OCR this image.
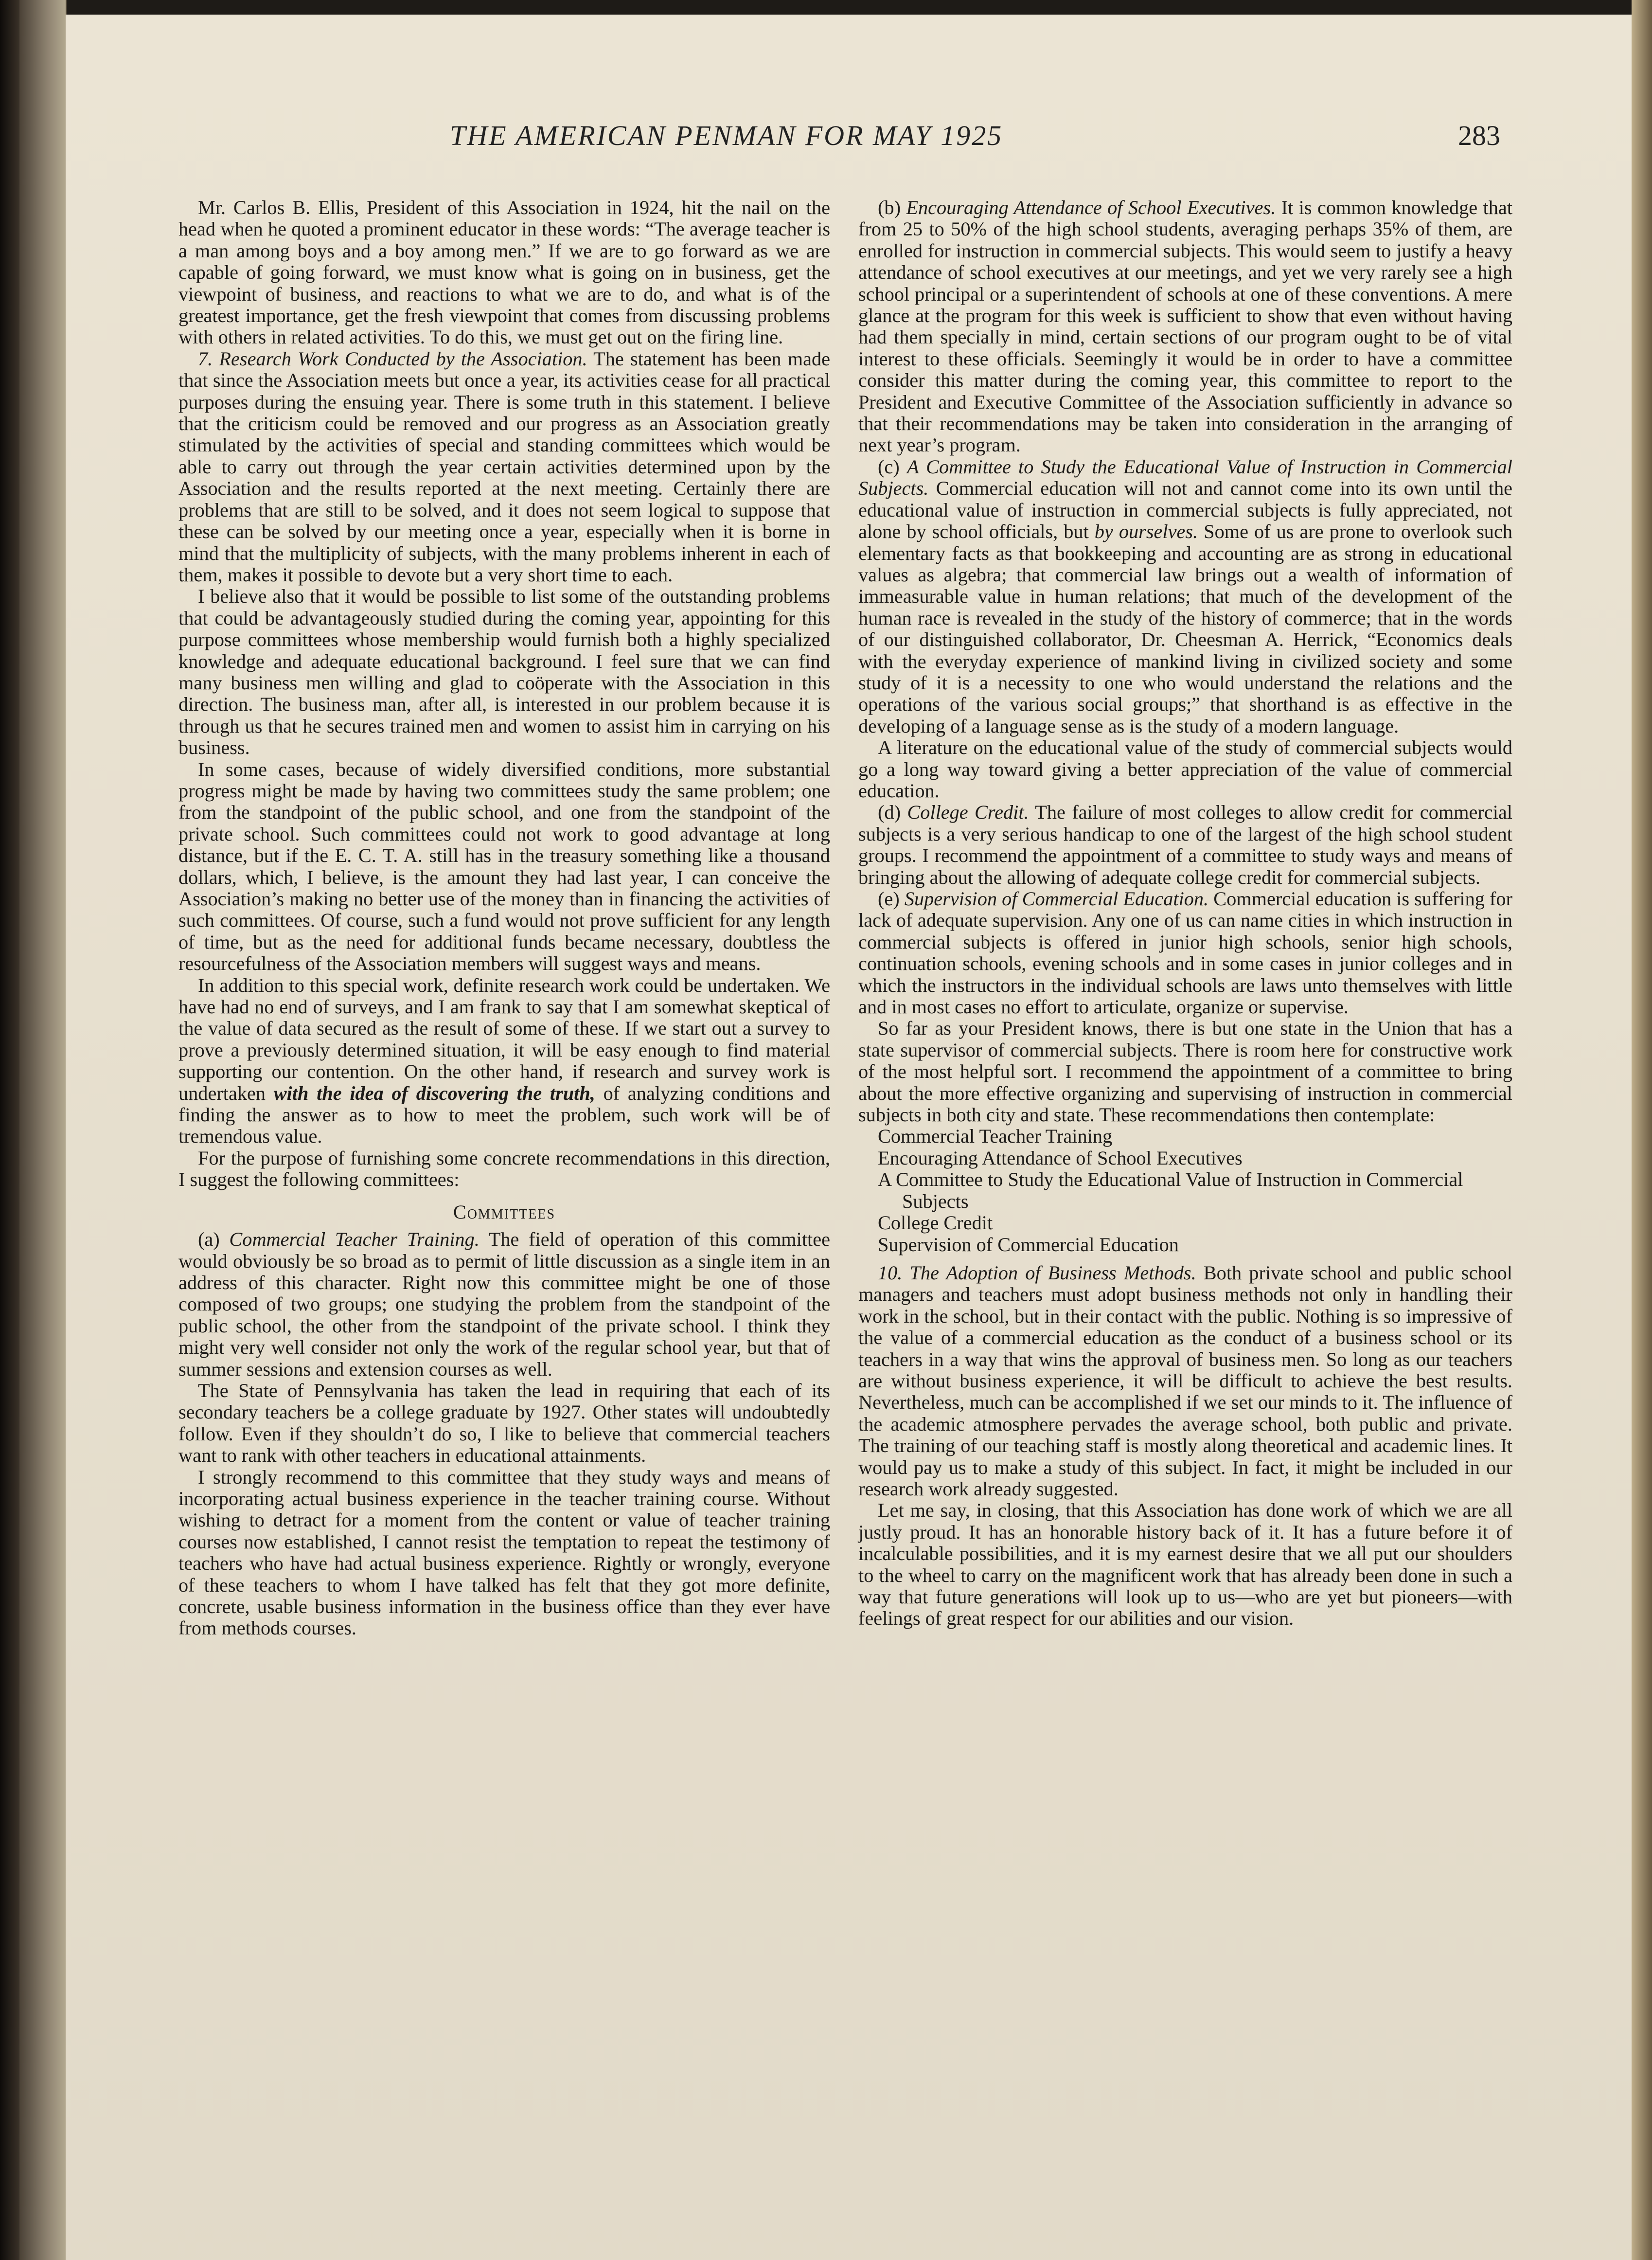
THE AMERICAN PENMAN FOR MAY 1925	283

Mr. Carlos B. Ellis, President of this Association in 1924, hit the nail on the head when he quoted a prominent educator in these words: “The average teacher is a man among boys and a boy among men.” If we are to go forward as we are capable of going forward, we must know what is going on in business, get the viewpoint of business, and reactions to what we are to do, and what is of the greatest importance, get the fresh viewpoint that comes from discussing problems with others in related activities. To do this, we must get out on the firing line.

7. Research Work Conducted by the Association. The statement has been made that since the Association meets but once a year, its activities cease for all practical purposes during the ensuing year. There is some truth in this statement. I believe that the criticism could be removed and our progress as an Association greatly stimulated by the activities of special and standing committees which would be able to carry out through the year certain activities determined upon by the Association and the results reported at the next meeting. Certainly there are problems that are still to be solved, and it does not seem logical to suppose that these can be solved by our meeting once a year, especially when it is borne in mind that the multiplicity of subjects, with the many problems inherent in each of them, makes it possible to devote but a very short time to each.

I believe also that it would be possible to list some of the outstanding problems that could be advantageously studied during the coming year, appointing for this purpose committees whose membership would furnish both a highly specialized knowledge and adequate educational background. I feel sure that we can find many business men willing and glad to coöperate with the Association in this direction. The business man, after all, is interested in our problem because it is through us that he secures trained men and women to assist him in carrying on his business.

In some cases, because of widely diversified conditions, more substantial progress might be made by having two committees study the same problem; one from the standpoint of the public school, and one from the standpoint of the private school. Such committees could not work to good advantage at long distance, but if the E. C. T. A. still has in the treasury something like a thousand dollars, which, I believe, is the amount they had last year, I can conceive the Association’s making no better use of the money than in financing the activities of such committees. Of course, such a fund would not prove sufficient for any length of time, but as the need for additional funds became necessary, doubtless the resourcefulness of the Association members will suggest ways and means.

In addition to this special work, definite research work could be undertaken. We have had no end of surveys, and I am frank to say that I am somewhat skeptical of the value of data secured as the result of some of these. If we start out a survey to prove a previously determined situation, it will be easy enough to find material supporting our contention. On the other hand, if research and survey work is undertaken with the idea of discovering the truth, of analyzing conditions and finding the answer as to how to meet the problem, such work will be of tremendous value.

For the purpose of furnishing some concrete recommendations in this direction, I suggest the following committees:

Committees

(a) Commercial Teacher Training. The field of operation of this committee would obviously be so broad as to permit of little discussion as a single item in an address of this character. Right now this committee might be one of those composed of two groups; one studying the problem from the standpoint of the public school, the other from the standpoint of the private school. I think they might very well consider not only the work of the regular school year, but that of summer sessions and extension courses as well.

The State of Pennsylvania has taken the lead in requiring that each of its secondary teachers be a college graduate by 1927. Other states will undoubtedly follow. Even if they shouldn’t do so, I like to believe that commercial teachers want to rank with other teachers in educational attainments.

I strongly recommend to this committee that they study ways and means of incorporating actual business experience in the teacher training course. Without wishing to detract for a moment from the content or value of teacher training courses now established, I cannot resist the temptation to repeat the testimony of teachers who have had actual business experience. Rightly or wrongly, everyone of these teachers to whom I have talked has felt that they got more definite, concrete, usable business information in the business office than they ever have from methods courses.

(b) Encouraging Attendance of School Executives. It is common knowledge that from 25 to 50% of the high school students, averaging perhaps 35% of them, are enrolled for instruction in commercial subjects. This would seem to justify a heavy attendance of school executives at our meetings, and yet we very rarely see a high school principal or a superintendent of schools at one of these conventions. A mere glance at the program for this week is sufficient to show that even without having had them specially in mind, certain sections of our program ought to be of vital interest to these officials. Seemingly it would be in order to have a committee consider this matter during the coming year, this committee to report to the President and Executive Committee of the Association sufficiently in advance so that their recommendations may be taken into consideration in the arranging of next year’s program.

(c) A Committee to Study the Educational Value of Instruction in Commercial Subjects. Commercial education will not and cannot come into its own until the educational value of instruction in commercial subjects is fully appreciated, not alone by school officials, but by ourselves. Some of us are prone to overlook such elementary facts as that bookkeeping and accounting are as strong in educational values as algebra; that commercial law brings out a wealth of information of immeasurable value in human relations; that much of the development of the human race is revealed in the study of the history of commerce; that in the words of our distinguished collaborator, Dr. Cheesman A. Herrick, “Economics deals with the everyday experience of mankind living in civilized society and some study of it is a necessity to one who would understand the relations and the operations of the various social groups;” that shorthand is as effective in the developing of a language sense as is the study of a modern language.

A literature on the educational value of the study of commercial subjects would go a long way toward giving a better appreciation of the value of commercial education.

(d) College Credit. The failure of most colleges to allow credit for commercial subjects is a very serious handicap to one of the largest of the high school student groups. I recommend the appointment of a committee to study ways and means of bringing about the allowing of adequate college credit for commercial subjects.

(e) Supervision of Commercial Education. Commercial education is suffering for lack of adequate supervision. Any one of us can name cities in which instruction in commercial subjects is offered in junior high schools, senior high schools, continuation schools, evening schools and in some cases in junior colleges and in which the instructors in the individual schools are laws unto themselves with little and in most cases no effort to articulate, organize or supervise.

So far as your President knows, there is but one state in the Union that has a state supervisor of commercial subjects. There is room here for constructive work of the most helpful sort. I recommend the appointment of a committee to bring about the more effective organizing and supervising of instruction in commercial subjects in both city and state. These recommendations then contemplate:

Commercial Teacher Training
Encouraging Attendance of School Executives
A Committee to Study the Educational Value of Instruction in Commercial Subjects
College Credit
Supervision of Commercial Education

10. The Adoption of Business Methods. Both private school and public school managers and teachers must adopt business methods not only in handling their work in the school, but in their contact with the public. Nothing is so impressive of the value of a commercial education as the conduct of a business school or its teachers in a way that wins the approval of business men. So long as our teachers are without business experience, it will be difficult to achieve the best results. Nevertheless, much can be accomplished if we set our minds to it. The influence of the academic atmosphere pervades the average school, both public and private. The training of our teaching staff is mostly along theoretical and academic lines. It would pay us to make a study of this subject. In fact, it might be included in our research work already suggested.

Let me say, in closing, that this Association has done work of which we are all justly proud. It has an honorable history back of it. It has a future before it of incalculable possibilities, and it is my earnest desire that we all put our shoulders to the wheel to carry on the magnificent work that has already been done in such a way that future generations will look up to us—who are yet but pioneers—with feelings of great respect for our abilities and our vision.
